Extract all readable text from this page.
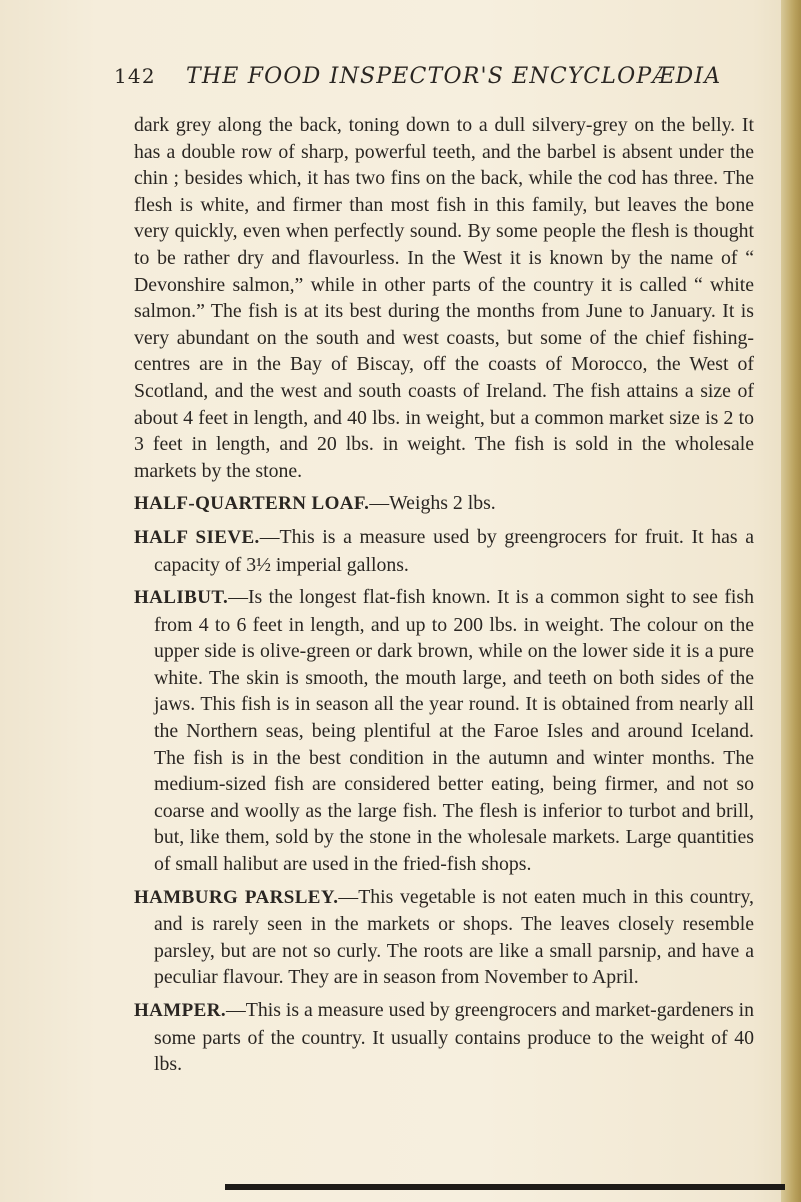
142 THE FOOD INSPECTOR'S ENCYCLOPÆDIA

dark grey along the back, toning down to a dull silvery-grey on the belly. It has a double row of sharp, powerful teeth, and the barbel is absent under the chin ; besides which, it has two fins on the back, while the cod has three. The flesh is white, and firmer than most fish in this family, but leaves the bone very quickly, even when perfectly sound. By some people the flesh is thought to be rather dry and flavourless. In the West it is known by the name of “ Devonshire salmon,” while in other parts of the country it is called “ white salmon.” The fish is at its best during the months from June to January. It is very abundant on the south and west coasts, but some of the chief fishing-centres are in the Bay of Biscay, off the coasts of Morocco, the West of Scotland, and the west and south coasts of Ireland. The fish attains a size of about 4 feet in length, and 40 lbs. in weight, but a common market size is 2 to 3 feet in length, and 20 lbs. in weight. The fish is sold in the wholesale markets by the stone.

HALF-QUARTERN LOAF.—Weighs 2 lbs.

HALF SIEVE.—This is a measure used by greengrocers for fruit. It has a capacity of 3½ imperial gallons.

HALIBUT.—Is the longest flat-fish known. It is a common sight to see fish from 4 to 6 feet in length, and up to 200 lbs. in weight. The colour on the upper side is olive-green or dark brown, while on the lower side it is a pure white. The skin is smooth, the mouth large, and teeth on both sides of the jaws. This fish is in season all the year round. It is obtained from nearly all the Northern seas, being plentiful at the Faroe Isles and around Iceland. The fish is in the best condition in the autumn and winter months. The medium-sized fish are considered better eating, being firmer, and not so coarse and woolly as the large fish. The flesh is inferior to turbot and brill, but, like them, sold by the stone in the wholesale markets. Large quantities of small halibut are used in the fried-fish shops.

HAMBURG PARSLEY.—This vegetable is not eaten much in this country, and is rarely seen in the markets or shops. The leaves closely resemble parsley, but are not so curly. The roots are like a small parsnip, and have a peculiar flavour. They are in season from November to April.

HAMPER.—This is a measure used by greengrocers and market-gardeners in some parts of the country. It usually contains produce to the weight of 40 lbs.
